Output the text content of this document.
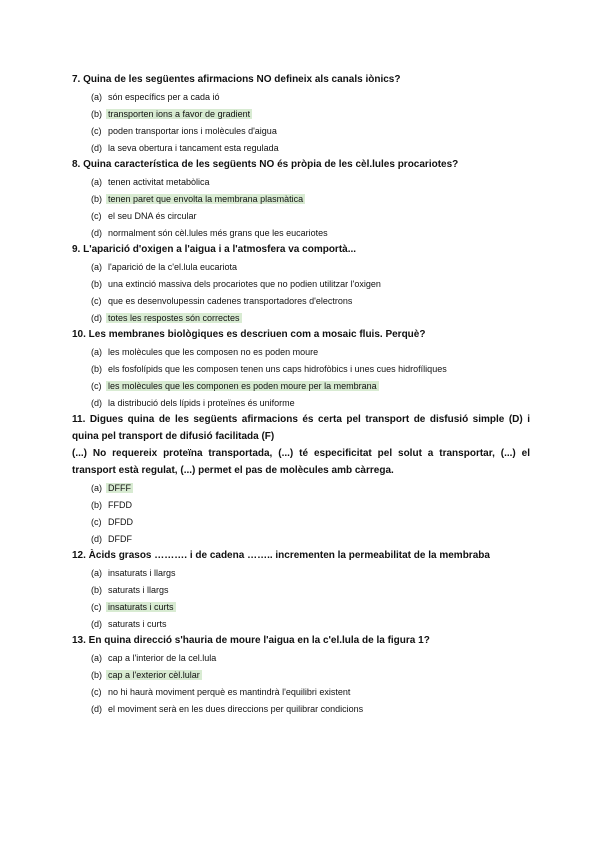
7. Quina de les següentes afirmacions NO defineix als canals iònics?

(a) són específics per a cada ió
(b) transporten ions a favor de gradient
(c) poden transportar ions i molècules d'aigua
(d) la seva obertura i tancament esta regulada

8. Quina característica de les següents NO és pròpia de les cèl.lules procariotes?

(a) tenen activitat metabòlica
(b) tenen paret que envolta la membrana plasmàtica
(c) el seu DNA és circular
(d) normalment són cèl.lules més grans que les eucariotes

9. L'aparició d'oxigen a l'aigua i a l'atmosfera va comportà...

(a) l'aparició de la c'el.lula eucariota
(b) una extinció massiva dels procariotes que no podien utilitzar l'oxigen
(c) que es desenvolupessin cadenes transportadores d'electrons
(d) totes les respostes són correctes

10. Les membranes biològiques es descriuen com a mosaic fluis. Perquè?

(a) les molècules que les composen no es poden moure
(b) els fosfolípids que les composen tenen uns caps hidrofòbics i unes cues hidrofíliques
(c) les molècules que les componen es poden moure per la membrana
(d) la distribució dels lípids i proteïnes és uniforme

11. Digues quina de les següents afirmacions és certa pel transport de disfusió simple (D) i quina pel transport de difusió facilitada (F)

(...) No requereix proteïna transportada, (...) té especificitat pel solut a transportar, (...) el transport està regulat, (...) permet el pas de molècules amb càrrega.

(a) DFFF
(b) FFDD
(c) DFDD
(d) DFDF

12. Àcids grasos ………. i de cadena …….. incrementen la permeabilitat de la membraba

(a) insaturats i llargs
(b) saturats i llargs
(c) insaturats i curts
(d) saturats i curts

13. En quina direcció s'hauria de moure l'aigua en la c'el.lula de la figura 1?

(a) cap a l'interior de la cel.lula
(b) cap a l'exterior cèl.lular
(c) no hi haurà moviment perquè es mantindrà l'equilibri existent
(d) el moviment serà en les dues direccions per quilibrar condicions
